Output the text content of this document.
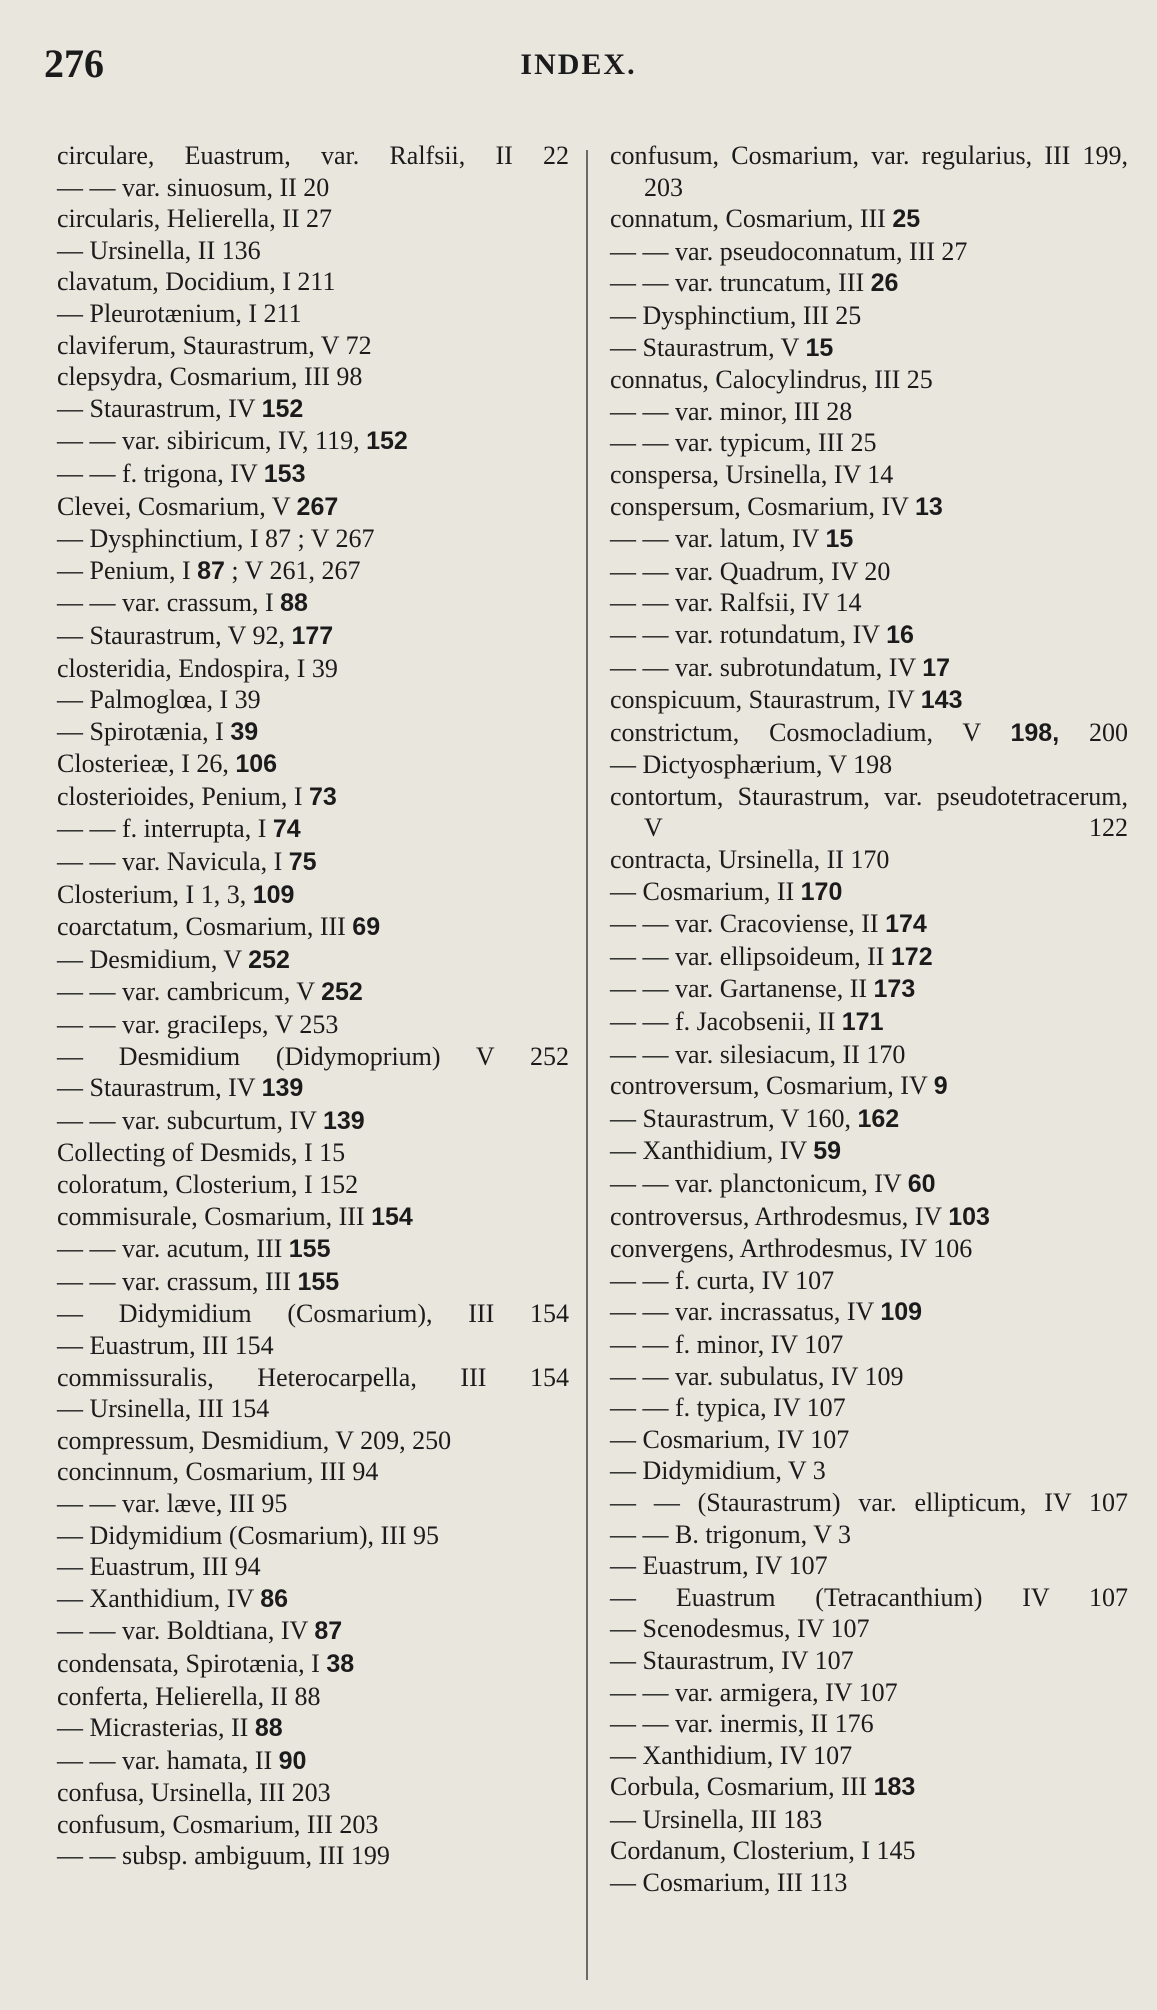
276	INDEX.
circulare, Euastrum, var. Ralfsii, II 22
— — var. sinuosum, II 20
circularis, Helierella, II 27
— Ursinella, II 136
clavatum, Docidium, I 211
— Pleurotænium, I 211
claviferum, Staurastrum, V 72
clepsydra, Cosmarium, III 98
— Staurastrum, IV 152
— — var. sibiricum, IV, 119, 152
— — f. trigona, IV 153
Clevei, Cosmarium, V 267
— Dysphinctium, I 87 ; V 267
— Penium, I 87 ; V 261, 267
— — var. crassum, I 88
— Staurastrum, V 92, 177
closteridia, Endospira, I 39
— Palmoglœa, I 39
— Spirotænia, I 39
Closterieæ, I 26, 106
closterioides, Penium, I 73
— — f. interrupta, I 74
— — var. Navicula, I 75
Closterium, I 1, 3, 109
coarctatum, Cosmarium, III 69
— Desmidium, V 252
— — var. cambricum, V 252
— — var. graciIeps, V 253
— Desmidium (Didymoprium) V 252
— Staurastrum, IV 139
— — var. subcurtum, IV 139
Collecting of Desmids, I 15
coloratum, Closterium, I 152
commisurale, Cosmarium, III 154
— — var. acutum, III 155
— — var. crassum, III 155
— Didymidium (Cosmarium), III 154
— Euastrum, III 154
commissuralis, Heterocarpella, III 154
— Ursinella, III 154
compressum, Desmidium, V 209, 250
concinnum, Cosmarium, III 94
— — var. læve, III 95
— Didymidium (Cosmarium), III 95
— Euastrum, III 94
— Xanthidium, IV 86
— — var. Boldtiana, IV 87
condensata, Spirotænia, I 38
conferta, Helierella, II 88
— Micrasterias, II 88
— — var. hamata, II 90
confusa, Ursinella, III 203
confusum, Cosmarium, III 203
— — subsp. ambiguum, III 199
confusum, Cosmarium, var. regularius, III 199, 203
connatum, Cosmarium, III 25
— — var. pseudoconnatum, III 27
— — var. truncatum, III 26
— Dysphinctium, III 25
— Staurastrum, V 15
connatus, Calocylindrus, III 25
— — var. minor, III 28
— — var. typicum, III 25
conspersa, Ursinella, IV 14
conspersum, Cosmarium, IV 13
— — var. latum, IV 15
— — var. Quadrum, IV 20
— — var. Ralfsii, IV 14
— — var. rotundatum, IV 16
— — var. subrotundatum, IV 17
conspicuum, Staurastrum, IV 143
constrictum, Cosmocladium, V 198, 200
— Dictyosphærium, V 198
contortum, Staurastrum, var. pseudotetracerum, V 122
contracta, Ursinella, II 170
— Cosmarium, II 170
— — var. Cracoviense, II 174
— — var. ellipsoideum, II 172
— — var. Gartanense, II 173
— — f. Jacobsenii, II 171
— — var. silesiacum, II 170
controversum, Cosmarium, IV 9
— Staurastrum, V 160, 162
— Xanthidium, IV 59
— — var. planctonicum, IV 60
controversus, Arthrodesmus, IV 103
convergens, Arthrodesmus, IV 106
— — f. curta, IV 107
— — var. incrassatus, IV 109
— — f. minor, IV 107
— — var. subulatus, IV 109
— — f. typica, IV 107
— Cosmarium, IV 107
— Didymidium, V 3
— — (Staurastrum) var. ellipticum, IV 107
— — B. trigonum, V 3
— Euastrum, IV 107
— Euastrum (Tetracanthium) IV 107
— Scenodesmus, IV 107
— Staurastrum, IV 107
— — var. armigera, IV 107
— — var. inermis, II 176
— Xanthidium, IV 107
Corbula, Cosmarium, III 183
— Ursinella, III 183
Cordanum, Closterium, I 145
— Cosmarium, III 113
